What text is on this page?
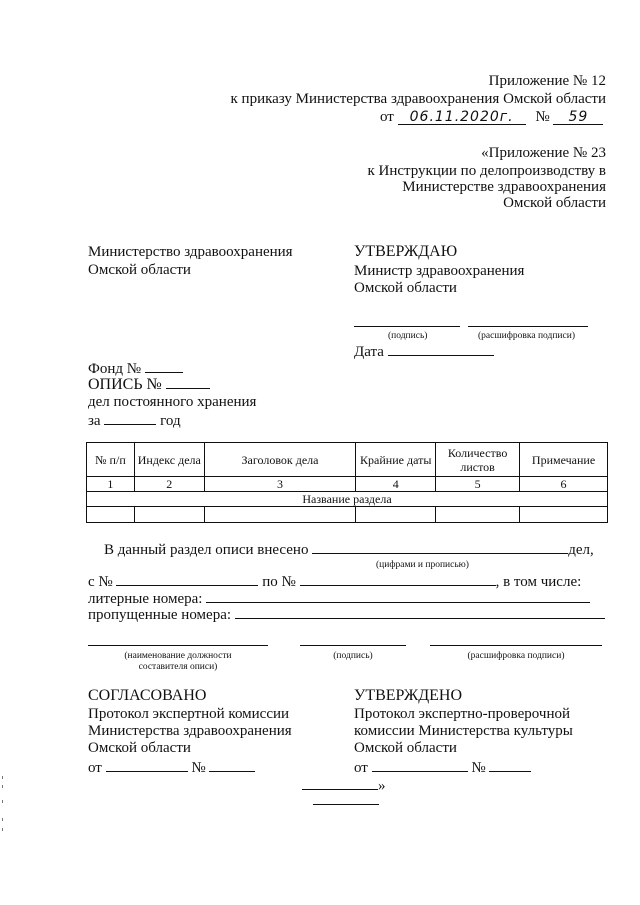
Приложение № 12
к приказу Министерства здравоохранения Омской области
от 06.11.2020г. № 59
«Приложение № 23
к Инструкции по делопроизводству в
Министерстве здравоохранения
Омской области
Министерство здравоохранения
Омской области
УТВЕРЖДАЮ
Министр здравоохранения
Омской области
(подпись)	(расшифровка подписи)
Дата
Фонд №
ОПИСЬ №
дел постоянного хранения
за	год
№ п/п	Индекс дела	Заголовок дела	Крайние даты	Количество листов	Примечание
1	2	3	4	5	6
Название раздела					

В данный раздел описи внесено	дел,
(цифрами и прописью)
с №	по №	, в том числе:
литерные номера:
пропущенные номера:
(наименование должности
составителя описи)
(подпись)	(расшифровка подписи)
СОГЛАСОВАНО
Протокол экспертной комиссии
Министерства здравоохранения
Омской области
от	№
УТВЕРЖДЕНО
Протокол экспертно-проверочной
комиссии Министерства культуры
Омской области
от	№
»
